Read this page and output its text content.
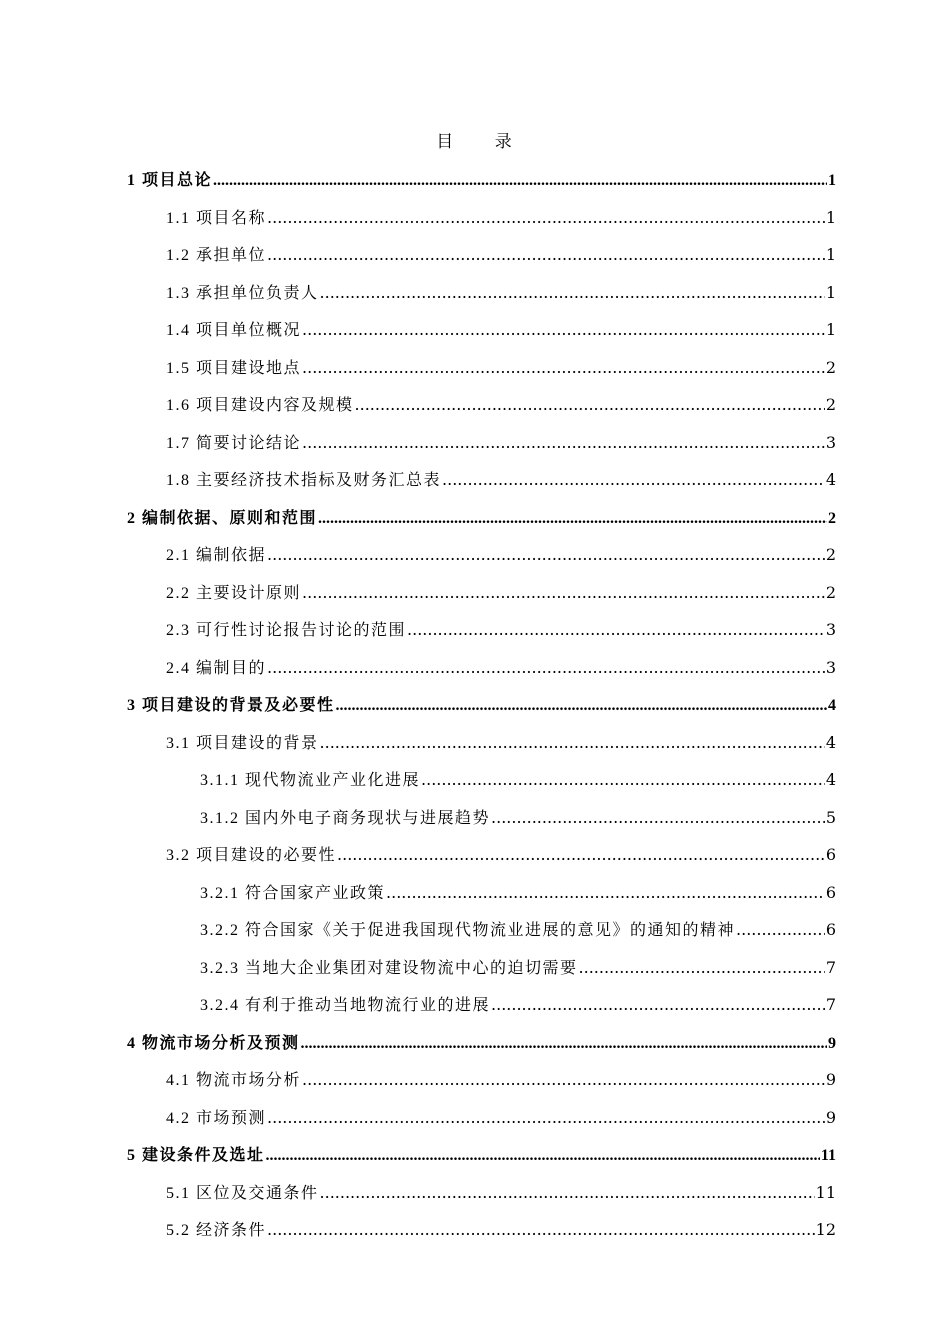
目 录
1 项目总论 .....	1
1.1 项目名称 .....	1
1.2 承担单位 .....	1
1.3 承担单位负责人 .....	1
1.4 项目单位概况 .....	1
1.5 项目建设地点 .....	2
1.6 项目建设内容及规模 .....	2
1.7 简要讨论结论 .....	3
1.8 主要经济技术指标及财务汇总表 .....	4
2 编制依据、原则和范围 .....	2
2.1 编制依据 .....	2
2.2 主要设计原则 .....	2
2.3 可行性讨论报告讨论的范围 .....	3
2.4 编制目的 .....	3
3 项目建设的背景及必要性 .....	4
3.1 项目建设的背景 .....	4
3.1.1 现代物流业产业化进展 .....	4
3.1.2 国内外电子商务现状与进展趋势 .....	5
3.2 项目建设的必要性 .....	6
3.2.1 符合国家产业政策 .....	6
3.2.2 符合国家《关于促进我国现代物流业进展的意见》的通知的精神 .....	6
3.2.3 当地大企业集团对建设物流中心的迫切需要 .....	7
3.2.4 有利于推动当地物流行业的进展 .....	7
4 物流市场分析及预测 .....	9
4.1 物流市场分析 .....	9
4.2 市场预测 .....	9
5 建设条件及选址 .....	11
5.1 区位及交通条件 .....	11
5.2 经济条件 .....	12
